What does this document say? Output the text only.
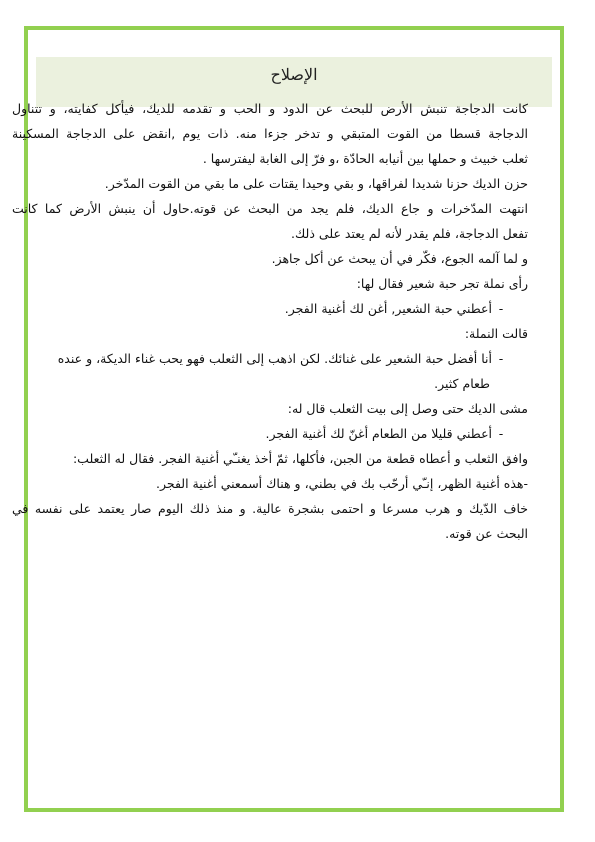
الإصلاح
كانت الدجاجة تنبش الأرض للبحث عن الدود و الحب و تقدمه للديك، فيأكل كفايته، و تتناول
الدجاجة قسطا من القوت المتبقي و تدخر جزءا منه. ذات يوم ,انقض على الدجاجة المسكينة
ثعلب خبيث و حملها بين أنيابه الحادّة ،و فرّ إلى الغابة ليفترسها .
حزن الديك حزنا شديدا لفراقها، و بقي وحيدا يقتات على ما بقي من القوت المدّخر.
انتهت المدّخرات و جاع الديك، فلم يجد من البحث عن قوته.حاول أن ينبش الأرض كما كانت
تفعل الدجاجة، فلم يقدر لأنه لم يعتد على ذلك.
و لما آلمه الجوع، فكّر في أن يبحث عن أكل جاهز.
رأى نملة تجر حبة شعير فقال لها:
-أعطني حبة الشعير, أغن لك أغنية الفجر.
قالت النملة:
-أنا أفضل حبة الشعير على غنائك. لكن اذهب إلى الثعلب فهو يحب غناء الديكة، و عنده
طعام كثير.
مشى الديك حتى وصل إلى بيت الثعلب قال له:
-أعطني قليلا من الطعام أغنّ لك أغنية الفجر.
وافق الثعلب و أعطاه قطعة من الجبن، فأكلها، ثمّ أخذ يغنـّي أغنية الفجر. فقال له الثعلب:
-هذه أغنية الظهر، إنـّي أرحّب بك في بطني، و هناك أسمعني أغنية الفجر.
خاف الدّيك و هرب مسرعا و احتمى بشجرة عالية. و منذ ذلك اليوم صار يعتمد على نفسه في
البحث عن قوته.
